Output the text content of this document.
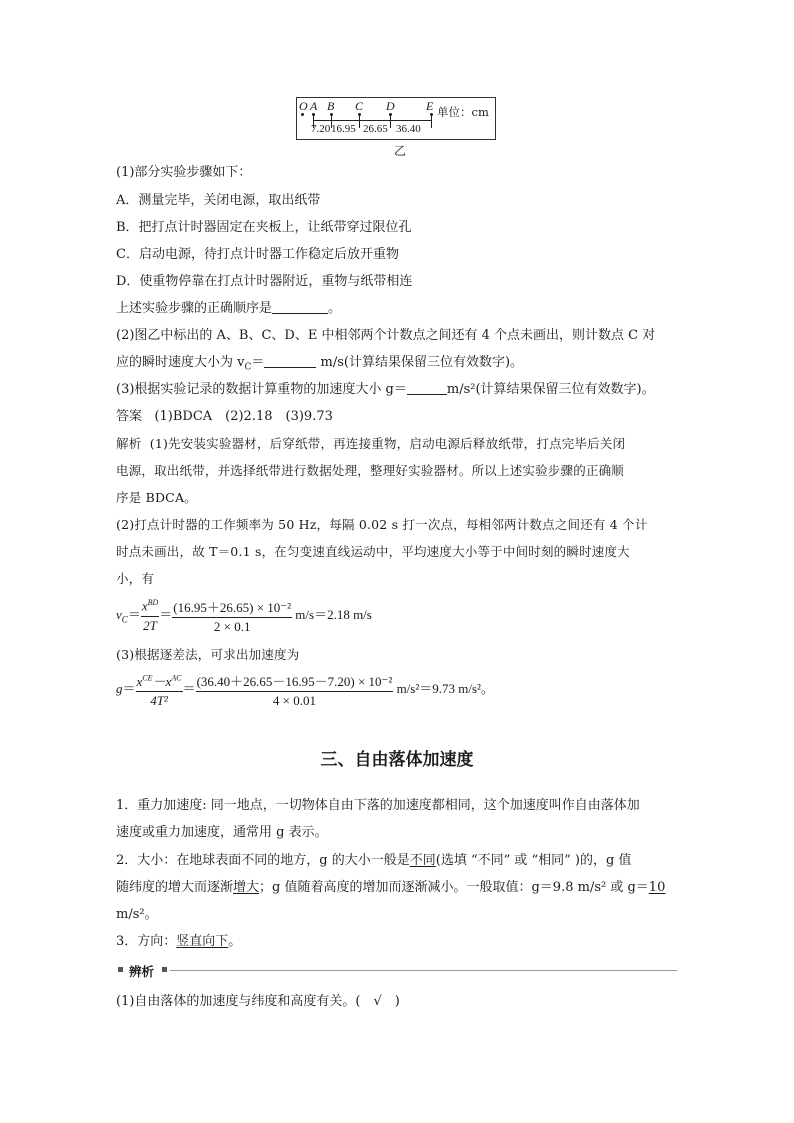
O A B C D	E
7.20 16.95 26.65 36.40
单位：cm
乙
(1)部分实验步骤如下：
A．测量完毕，关闭电源，取出纸带
B．把打点计时器固定在夹板上，让纸带穿过限位孔
C．启动电源，待打点计时器工作稳定后放开重物
D．使重物停靠在打点计时器附近，重物与纸带相连
上述实验步骤的正确顺序是	。
(2)图乙中标出的 A、B、C、D、E 中相邻两个计数点之间还有 4 个点未画出，则计数点 C 对
应的瞬时速度大小为 $v_C=$	m/s(计算结果保留三位有效数字)。
(3)根据实验记录的数据计算重物的加速度大小 g＝	m/s²(计算结果保留三位有效数字)。
答案 (1)BDCA　(2)2.18　(3)9.73
解析 (1)先安装实验器材，后穿纸带，再连接重物，启动电源后释放纸带，打点完毕后关闭
电源，取出纸带，并选择纸带进行数据处理，整理好实验器材。所以上述实验步骤的正确顺
序是 BDCA。
(2)打点计时器的工作频率为 50 Hz，每隔 0.02 s 打一次点，每相邻两计数点之间还有 4 个计
时点未画出，故 T＝0.1 s，在匀变速直线运动中，平均速度大小等于中间时刻的瞬时速度大
小，有
$v_C= \frac{x^{BD}}{2T} = \frac{\text{(16.95＋26.65) × 10⁻²}}{2 \times 0.1} m/s=2.18$ m/s
(3)根据逐差法，可求出加速度为
$g= \frac{x^{CE}-x^{AC}}{\text{4T²}} = \frac{\text{(36.40＋26.65－16.95－7.20) × 10⁻²}}{4 \times 0.01} m/s^2=9.73$ m/s²。
三、自由落体加速度
1．重力加速度: 同一地点，一切物体自由下落的加速度都相同，这个加速度叫作自由落体加
速度或重力加速度，通常用 g 表示。
2．大小：在地球表面不同的地方，g 的大小一般是不同(选填 “不同” 或 “相同” )的，g 值
随纬度的增大而逐渐增大；g 值随着高度的增加而逐渐减小。一般取值：g＝9.8 m/s² 或 g＝10
m/s²。
3．方向：竖直向下。
辨析
(1)自由落体的加速度与纬度和高度有关。(　√　)
